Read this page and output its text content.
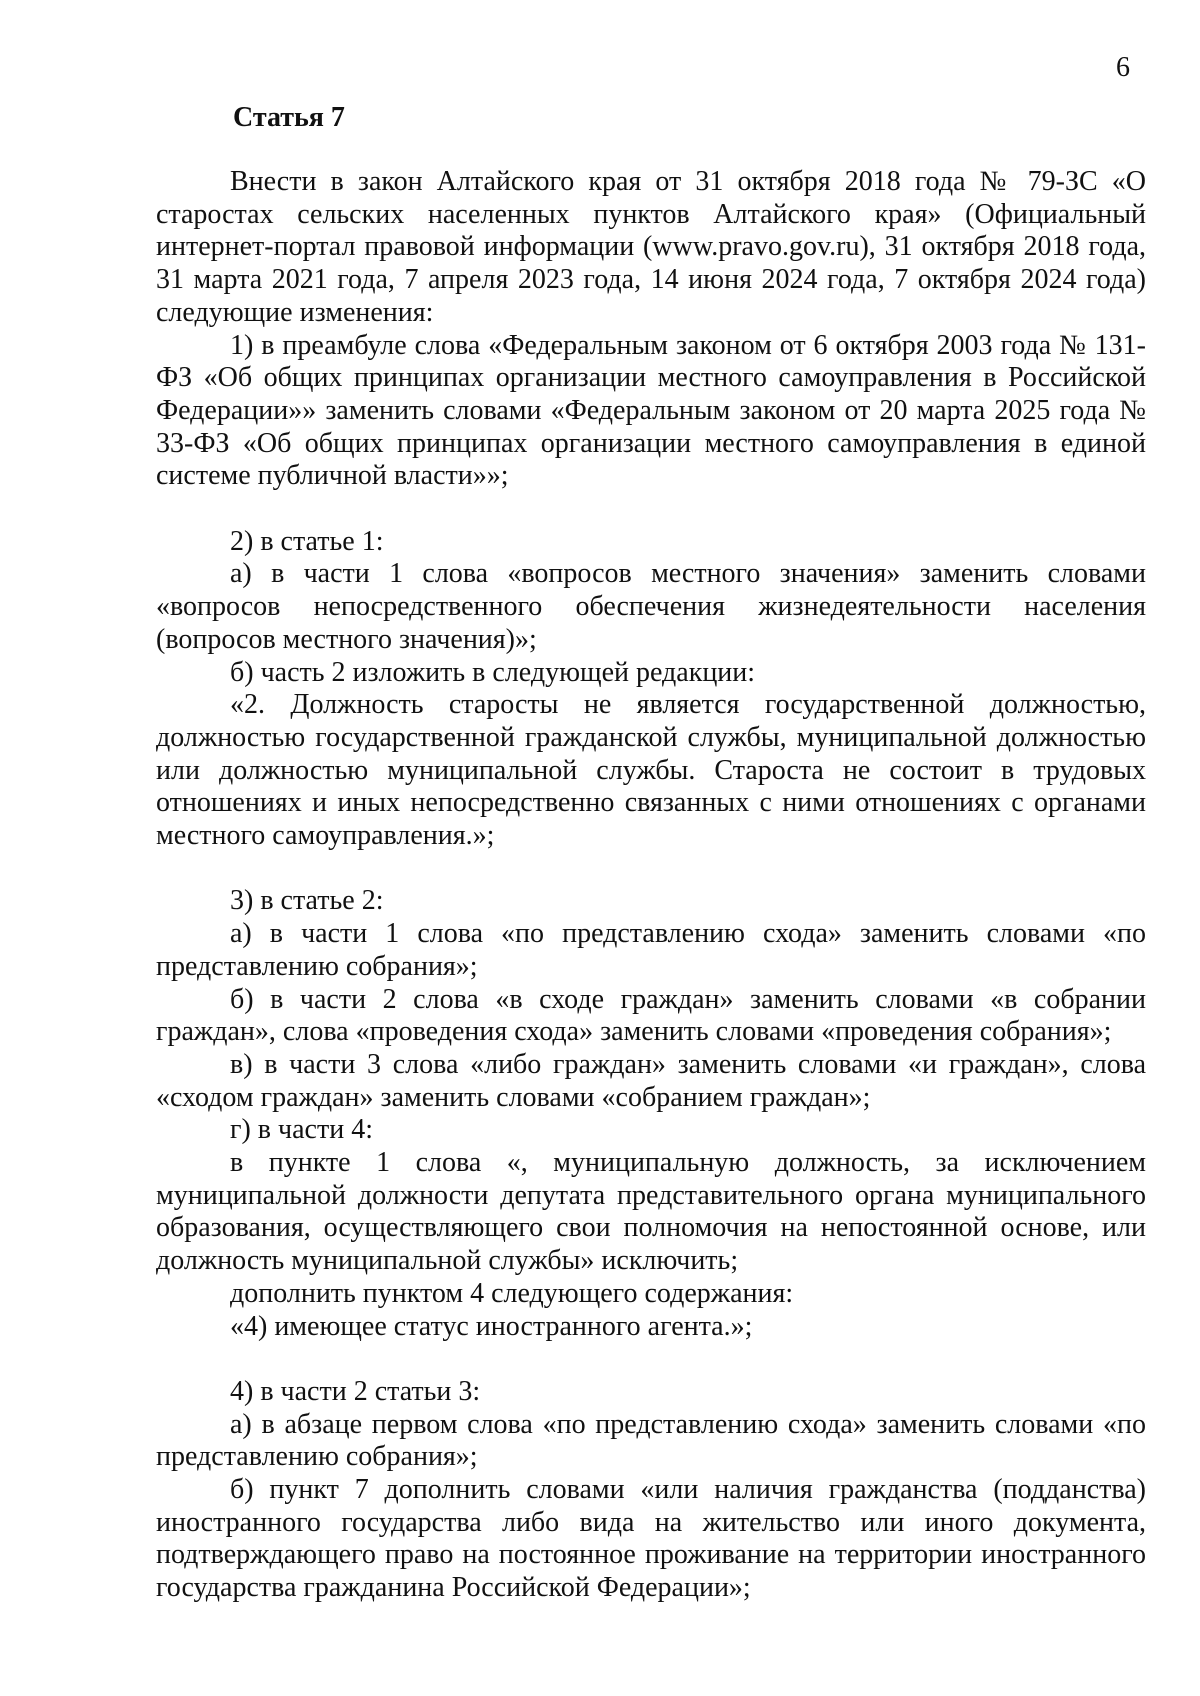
6
Статья 7

Внести в закон Алтайского края от 31 октября 2018 года № 79-ЗС «О старостах сельских населенных пунктов Алтайского края» (Официальный интернет-портал правовой информации (www.pravo.gov.ru), 31 октября 2018 года, 31 марта 2021 года, 7 апреля 2023 года, 14 июня 2024 года, 7 октября 2024 года) следующие изменения:

1) в преамбуле слова «Федеральным законом от 6 октября 2003 года № 131-ФЗ «Об общих принципах организации местного самоуправления в Российской Федерации»» заменить словами «Федеральным законом от 20 марта 2025 года № 33-ФЗ «Об общих принципах организации местного самоуправления в единой системе публичной власти»»;

2) в статье 1:

а) в части 1 слова «вопросов местного значения» заменить словами «вопросов непосредственного обеспечения жизнедеятельности населения (вопросов местного значения)»;

б) часть 2 изложить в следующей редакции:

«2. Должность старосты не является государственной должностью, должностью государственной гражданской службы, муниципальной должностью или должностью муниципальной службы. Староста не состоит в трудовых отношениях и иных непосредственно связанных с ними отношениях с органами местного самоуправления.»;

3) в статье 2:

а) в части 1 слова «по представлению схода» заменить словами «по представлению собрания»;

б) в части 2 слова «в сходе граждан» заменить словами «в собрании граждан», слова «проведения схода» заменить словами «проведения собрания»;

в) в части 3 слова «либо граждан» заменить словами «и граждан», слова «сходом граждан» заменить словами «собранием граждан»;

г) в части 4:

в пункте 1 слова «, муниципальную должность, за исключением муниципальной должности депутата представительного органа муниципального образования, осуществляющего свои полномочия на непостоянной основе, или должность муниципальной службы» исключить;

дополнить пунктом 4 следующего содержания:

«4) имеющее статус иностранного агента.»;

4) в части 2 статьи 3:

а) в абзаце первом слова «по представлению схода» заменить словами «по представлению собрания»;

б) пункт 7 дополнить словами «или наличия гражданства (подданства) иностранного государства либо вида на жительство или иного документа, подтверждающего право на постоянное проживание на территории иностранного государства гражданина Российской Федерации»;
